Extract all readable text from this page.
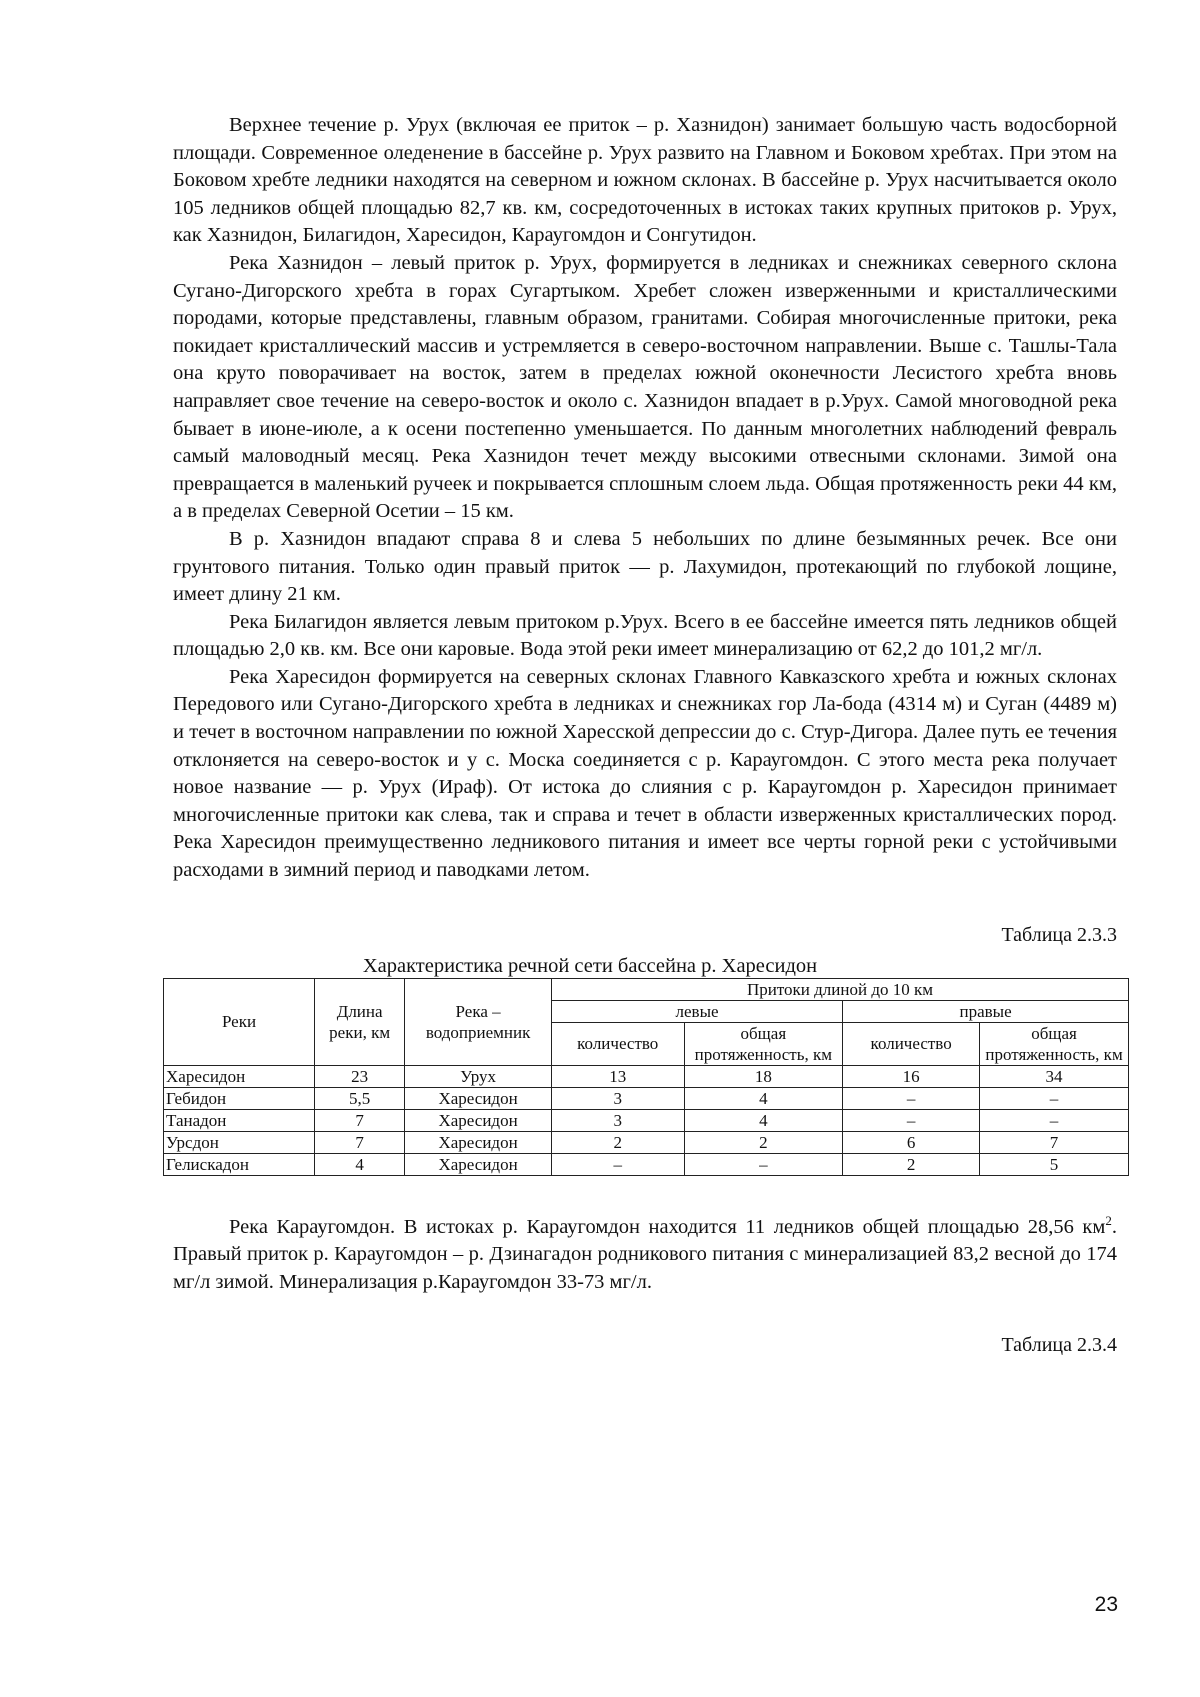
Верхнее течение р. Урух (включая ее приток – р. Хазнидон) занимает большую часть водосборной площади. Современное оледенение в бассейне р. Урух развито на Главном и Боковом хребтах. При этом на Боковом хребте ледники находятся на северном и южном склонах. В бассейне р. Урух насчитывается около 105 ледников общей площадью 82,7 кв. км, сосредоточенных в истоках таких крупных притоков р. Урух, как Хазнидон, Билагидон, Харесидон, Караугомдон и Сонгутидон.

Река Хазнидон – левый приток р. Урух, формируется в ледниках и снежниках северного склона Сугано-Дигорского хребта в горах Сугартыком. Хребет сложен изверженными и кристаллическими породами, которые представлены, главным образом, гранитами. Собирая многочисленные притоки, река покидает кристаллический массив и устремляется в северо-восточном направлении. Выше с. Ташлы-Тала она круто поворачивает на восток, затем в пределах южной оконечности Лесистого хребта вновь направляет свое течение на северо-восток и около с. Хазнидон впадает в р.Урух. Самой многоводной река бывает в июне-июле, а к осени постепенно уменьшается. По данным многолетних наблюдений февраль самый маловодный месяц. Река Хазнидон течет между высокими отвесными склонами. Зимой она превращается в маленький ручеек и покрывается сплошным слоем льда. Общая протяженность реки 44 км, а в пределах Северной Осетии – 15 км.

В р. Хазнидон впадают справа 8 и слева 5 небольших по длине безымянных речек. Все они грунтового питания. Только один правый приток — р. Лахумидон, протекающий по глубокой лощине, имеет длину 21 км.

Река Билагидон является левым притоком р.Урух. Всего в ее бассейне имеется пять ледников общей площадью 2,0 кв. км. Все они каровые. Вода этой реки имеет минерализацию от 62,2 до 101,2 мг/л.

Река Харесидон формируется на северных склонах Главного Кавказского хребта и южных склонах Передового или Сугано-Дигорского хребта в ледниках и снежниках гор Ла-бода (4314 м) и Суган (4489 м) и течет в восточном направлении по южной Харесской депрессии до с. Стур-Дигора. Далее путь ее течения отклоняется на северо-восток и у с. Моска соединяется с р. Караугомдон. С этого места река получает новое название — р. Урух (Ираф). От истока до слияния с р. Караугомдон р. Харесидон принимает многочисленные притоки как слева, так и справа и течет в области изверженных кристаллических пород. Река Харесидон преимущественно ледникового питания и имеет все черты горной реки с устойчивыми расходами в зимний период и паводками летом.

Таблица 2.3.3

Характеристика речной сети бассейна р. Харесидон

Реки	Длина реки, км	Река – водоприемник	Притоки длиной до 10 км			
			левые		правые	
			количество	общая протяженность, км	количество	общая протяженность, км
Харесидон	23	Урух	13	18	16	34
Гебидон	5,5	Харесидон	3	4	–	–
Танадон	7	Харесидон	3	4	–	–
Урсдон	7	Харесидон	2	2	6	7
Гелискадон	4	Харесидон	–	–	2	5

Река Караугомдон. В истоках р. Караугомдон находится 11 ледников общей площадью 28,56 $км^2$. Правый приток р. Караугомдон – р. Дзинагадон родникового питания с минерализацией 83,2 весной до 174 мг/л зимой. Минерализация р.Караугомдон 33-73 мг/л.

Таблица 2.3.4

23
